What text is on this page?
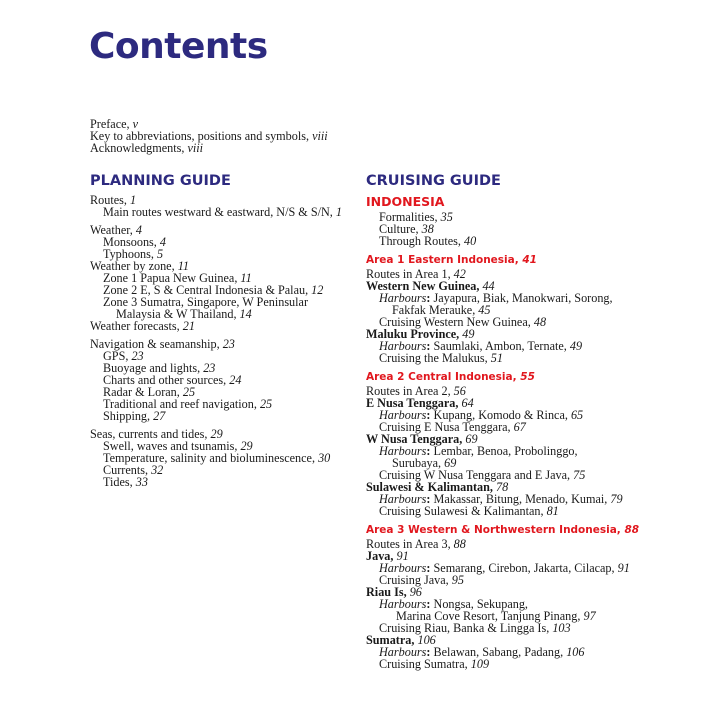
Contents
Preface, v
Key to abbreviations, positions and symbols, viii
Acknowledgments, viii
PLANNING GUIDE
Routes, 1
Main routes westward & eastward, N/S & S/N, 1
Weather, 4
Monsoons, 4
Typhoons, 5
Weather by zone, 11
Zone 1 Papua New Guinea, 11
Zone 2 E, S & Central Indonesia & Palau, 12
Zone 3 Sumatra, Singapore, W Peninsular
Malaysia & W Thailand, 14
Weather forecasts, 21
Navigation & seamanship, 23
GPS, 23
Buoyage and lights, 23
Charts and other sources, 24
Radar & Loran, 25
Traditional and reef navigation, 25
Shipping, 27
Seas, currents and tides, 29
Swell, waves and tsunamis, 29
Temperature, salinity and bioluminescence, 30
Currents, 32
Tides, 33
CRUISING GUIDE
INDONESIA
Formalities, 35
Culture, 38
Through Routes, 40
Area 1 Eastern Indonesia, 41
Routes in Area 1, 42
Western New Guinea, 44
Harbours: Jayapura, Biak, Manokwari, Sorong,
Fakfak Merauke, 45
Cruising Western New Guinea, 48
Maluku Province, 49
Harbours: Saumlaki, Ambon, Ternate, 49
Cruising the Malukus, 51
Area 2 Central Indonesia, 55
Routes in Area 2, 56
E Nusa Tenggara, 64
Harbours: Kupang, Komodo & Rinca, 65
Cruising E Nusa Tenggara, 67
W Nusa Tenggara, 69
Harbours: Lembar, Benoa, Probolinggo,
Surubaya, 69
Cruising W Nusa Tenggara and E Java, 75
Sulawesi & Kalimantan, 78
Harbours: Makassar, Bitung, Menado, Kumai, 79
Cruising Sulawesi & Kalimantan, 81
Area 3 Western & Northwestern Indonesia, 88
Routes in Area 3, 88
Java, 91
Harbours: Semarang, Cirebon, Jakarta, Cilacap, 91
Cruising Java, 95
Riau Is, 96
Harbours: Nongsa, Sekupang,
Marina Cove Resort, Tanjung Pinang, 97
Cruising Riau, Banka & Lingga Is, 103
Sumatra, 106
Harbours: Belawan, Sabang, Padang, 106
Cruising Sumatra, 109
